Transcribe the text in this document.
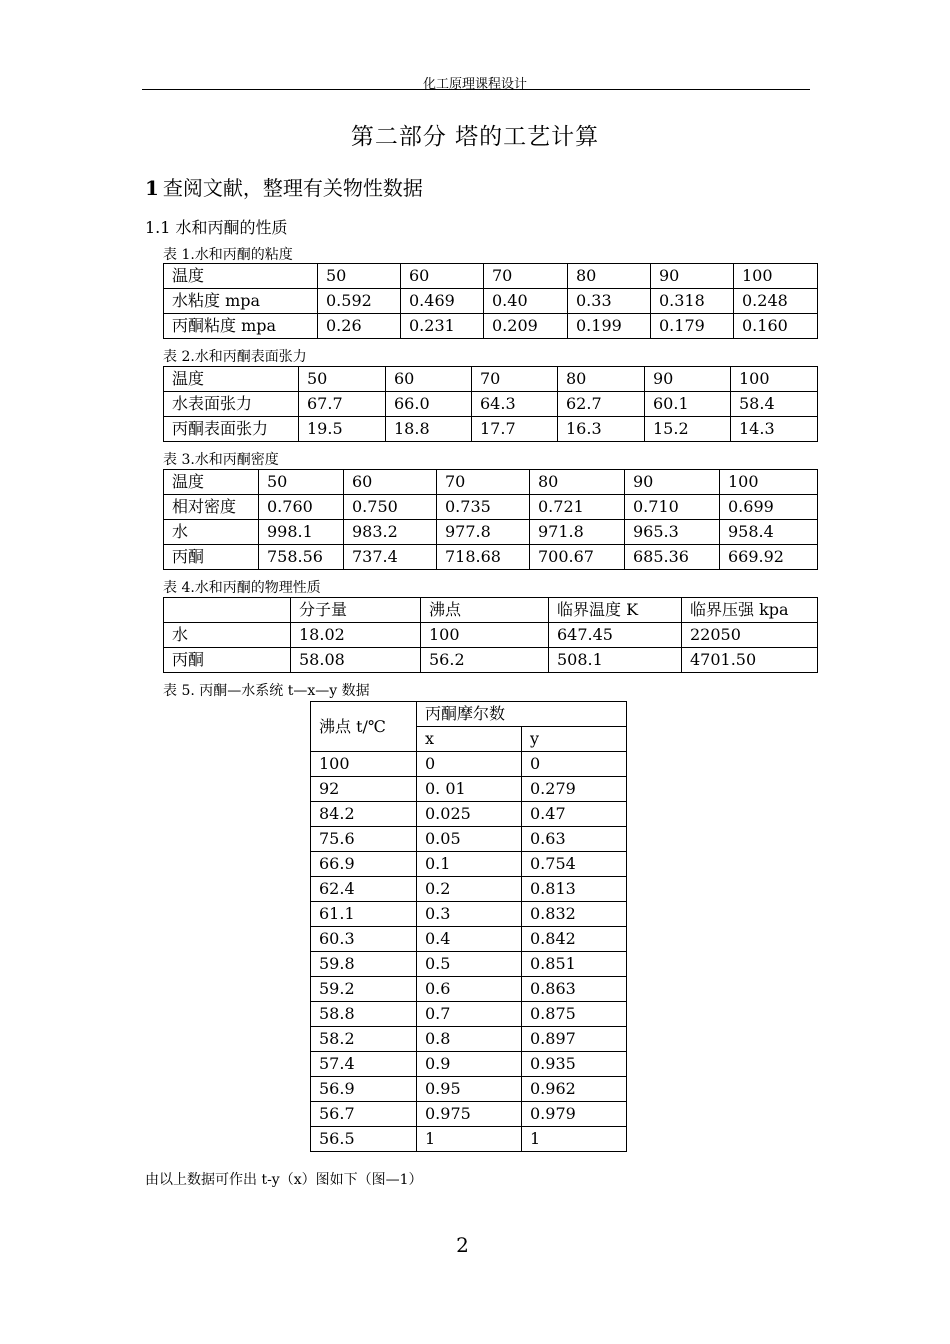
化工原理课程设计
第二部分 塔的工艺计算
1 查阅文献，整理有关物性数据
1.1 水和丙酮的性质
表 1.水和丙酮的粘度
温度	50	60	70	80	90	100
水粘度 mpa	0.592	0.469	0.40	0.33	0.318	0.248
丙酮粘度 mpa	0.26	0.231	0.209	0.199	0.179	0.160
表 2.水和丙酮表面张力
温度	50	60	70	80	90	100
水表面张力	67.7	66.0	64.3	62.7	60.1	58.4
丙酮表面张力	19.5	18.8	17.7	16.3	15.2	14.3
表 3.水和丙酮密度
温度	50	60	70	80	90	100
相对密度	0.760	0.750	0.735	0.721	0.710	0.699
水	998.1	983.2	977.8	971.8	965.3	958.4
丙酮	758.56	737.4	718.68	700.67	685.36	669.92
表 4.水和丙酮的物理性质
	分子量	沸点	临界温度 K	临界压强 kpa
水	18.02	100	647.45	22050
丙酮	58.08	56.2	508.1	4701.50
表 5. 丙酮—水系统 t—x—y 数据
沸点 t/℃	丙酮摩尔数	
	x	y
100	0	0
92	0. 01	0.279
84.2	0.025	0.47
75.6	0.05	0.63
66.9	0.1	0.754
62.4	0.2	0.813
61.1	0.3	0.832
60.3	0.4	0.842
59.8	0.5	0.851
59.2	0.6	0.863
58.8	0.7	0.875
58.2	0.8	0.897
57.4	0.9	0.935
56.9	0.95	0.962
56.7	0.975	0.979
56.5	1	1
由以上数据可作出 t-y（x）图如下（图—1）
2
